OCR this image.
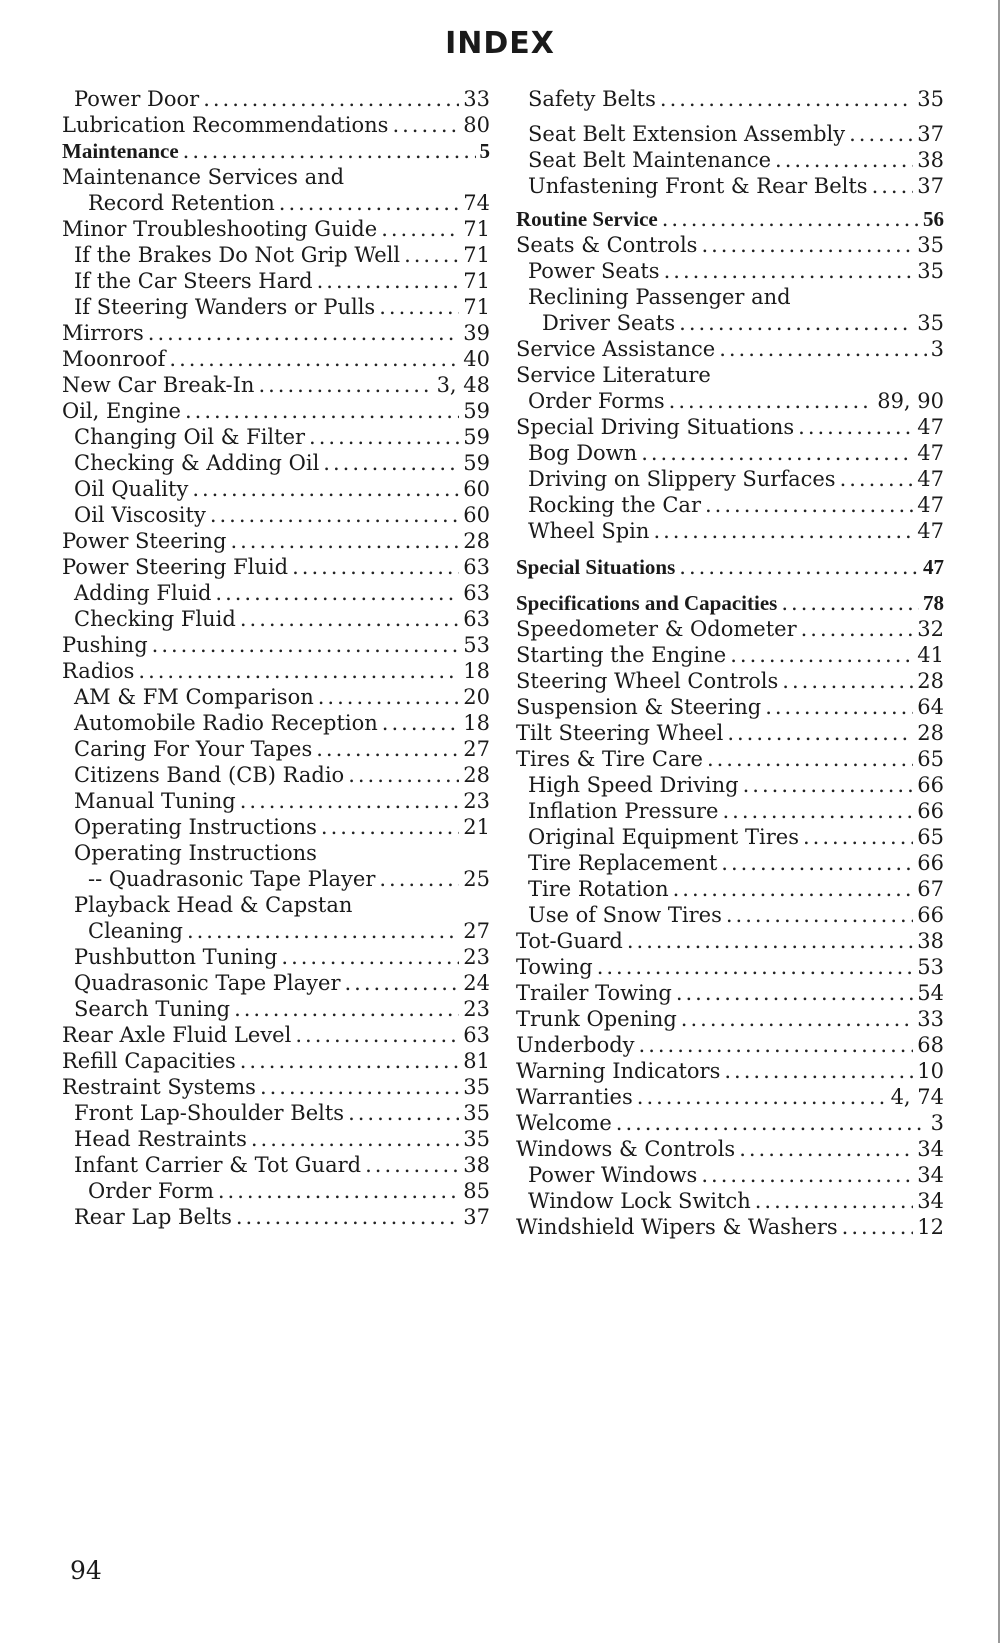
INDEX
Power Door .....	33
Lubrication Recommendations .....	80
Maintenance .....	5
Maintenance Services and
Record Retention .....	74
Minor Troubleshooting Guide .....	71
If the Brakes Do Not Grip Well .....	71
If the Car Steers Hard .....	71
If Steering Wanders or Pulls .....	71
Mirrors .....	39
Moonroof .....	40
New Car Break-In .....	3, 48
Oil, Engine .....	59
Changing Oil & Filter .....	59
Checking & Adding Oil .....	59
Oil Quality .....	60
Oil Viscosity .....	60
Power Steering .....	28
Power Steering Fluid .....	63
Adding Fluid .....	63
Checking Fluid .....	63
Pushing .....	53
Radios .....	18
AM & FM Comparison .....	20
Automobile Radio Reception .....	18
Caring For Your Tapes .....	27
Citizens Band (CB) Radio .....	28
Manual Tuning .....	23
Operating Instructions .....	21
Operating Instructions
-- Quadrasonic Tape Player .....	25
Playback Head & Capstan
Cleaning .....	27
Pushbutton Tuning .....	23
Quadrasonic Tape Player .....	24
Search Tuning .....	23
Rear Axle Fluid Level .....	63
Refill Capacities .....	81
Restraint Systems .....	35
Front Lap-Shoulder Belts .....	35
Head Restraints .....	35
Infant Carrier & Tot Guard .....	38
Order Form .....	85
Rear Lap Belts .....	37
Safety Belts .....	35
Seat Belt Extension Assembly .....	37
Seat Belt Maintenance .....	38
Unfastening Front & Rear Belts ..... 37
Routine Service .....	56
Seats & Controls .....	35
Power Seats .....	35
Reclining Passenger and
Driver Seats .....	35
Service Assistance .....	3
Service Literature
Order Forms .....	89, 90
Special Driving Situations .....	47
Bog Down .....	47
Driving on Slippery Surfaces .....	47
Rocking the Car .....	47
Wheel Spin .....	47
Special Situations .....	47
Specifications and Capacities .....	78
Speedometer & Odometer .....	32
Starting the Engine .....	41
Steering Wheel Controls .....	28
Suspension & Steering .....	64
Tilt Steering Wheel .....	28
Tires & Tire Care .....	65
High Speed Driving .....	66
Inflation Pressure .....	66
Original Equipment Tires .....	65
Tire Replacement .....	66
Tire Rotation .....	67
Use of Snow Tires .....	66
Tot-Guard .....	38
Towing .....	53
Trailer Towing .....	54
Trunk Opening .....	33
Underbody .....	68
Warning Indicators .....	10
Warranties .....	4, 74
Welcome .....	3
Windows & Controls .....	34
Power Windows .....	34
Window Lock Switch .....	34
Windshield Wipers & Washers .....	12
94
